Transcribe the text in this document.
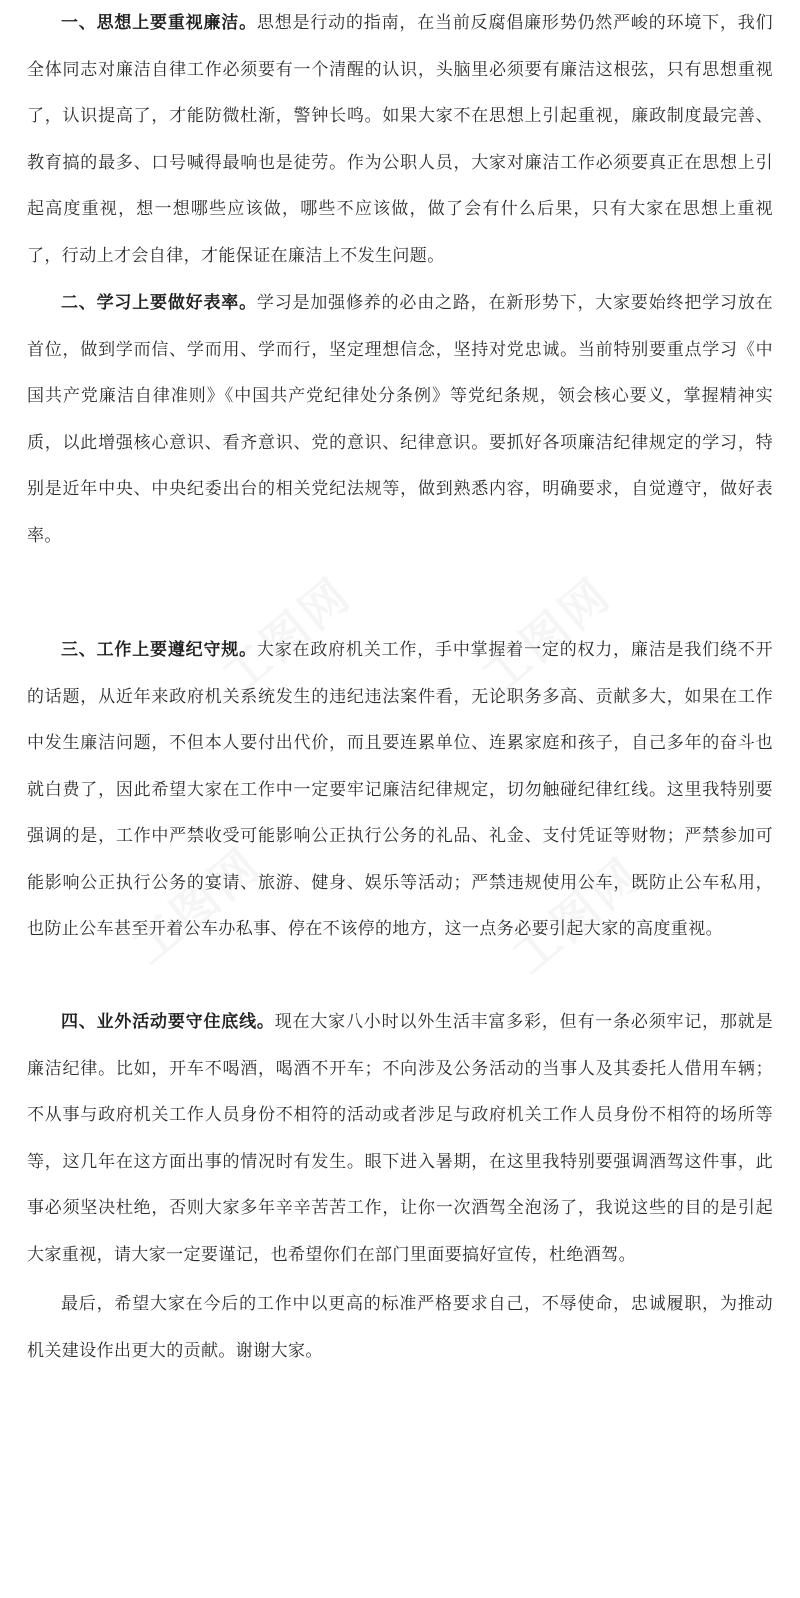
工图网 工图网
工图网	工图网

一、思想上要重视廉洁。思想是行动的指南，在当前反腐倡廉形势仍然严峻的环境下，我们全体同志对廉洁自律工作必须要有一个清醒的认识，头脑里必须要有廉洁这根弦，只有思想重视了，认识提高了，才能防微杜渐，警钟长鸣。如果大家不在思想上引起重视，廉政制度最完善、教育搞的最多、口号喊得最响也是徒劳。作为公职人员，大家对廉洁工作必须要真正在思想上引起高度重视，想一想哪些应该做，哪些不应该做，做了会有什么后果，只有大家在思想上重视了，行动上才会自律，才能保证在廉洁上不发生问题。

二、学习上要做好表率。学习是加强修养的必由之路，在新形势下，大家要始终把学习放在首位，做到学而信、学而用、学而行，坚定理想信念，坚持对党忠诚。当前特别要重点学习《中国共产党廉洁自律准则》《中国共产党纪律处分条例》等党纪条规，领会核心要义，掌握精神实质，以此增强核心意识、看齐意识、党的意识、纪律意识。要抓好各项廉洁纪律规定的学习，特别是近年中央、中央纪委出台的相关党纪法规等，做到熟悉内容，明确要求，自觉遵守，做好表率。

三、工作上要遵纪守规。大家在政府机关工作，手中掌握着一定的权力，廉洁是我们绕不开的话题，从近年来政府机关系统发生的违纪违法案件看，无论职务多高、贡献多大，如果在工作中发生廉洁问题，不但本人要付出代价，而且要连累单位、连累家庭和孩子，自己多年的奋斗也就白费了，因此希望大家在工作中一定要牢记廉洁纪律规定，切勿触碰纪律红线。这里我特别要强调的是，工作中严禁收受可能影响公正执行公务的礼品、礼金、支付凭证等财物；严禁参加可能影响公正执行公务的宴请、旅游、健身、娱乐等活动；严禁违规使用公车，既防止公车私用，也防止公车甚至开着公车办私事、停在不该停的地方，这一点务必要引起大家的高度重视。

四、业外活动要守住底线。现在大家八小时以外生活丰富多彩，但有一条必须牢记，那就是廉洁纪律。比如，开车不喝酒，喝酒不开车；不向涉及公务活动的当事人及其委托人借用车辆；不从事与政府机关工作人员身份不相符的活动或者涉足与政府机关工作人员身份不相符的场所等等，这几年在这方面出事的情况时有发生。眼下进入暑期，在这里我特别要强调酒驾这件事，此事必须坚决杜绝，否则大家多年辛辛苦苦工作，让你一次酒驾全泡汤了，我说这些的目的是引起大家重视，请大家一定要谨记，也希望你们在部门里面要搞好宣传，杜绝酒驾。

最后，希望大家在今后的工作中以更高的标准严格要求自己，不辱使命，忠诚履职，为推动机关建设作出更大的贡献。谢谢大家。
